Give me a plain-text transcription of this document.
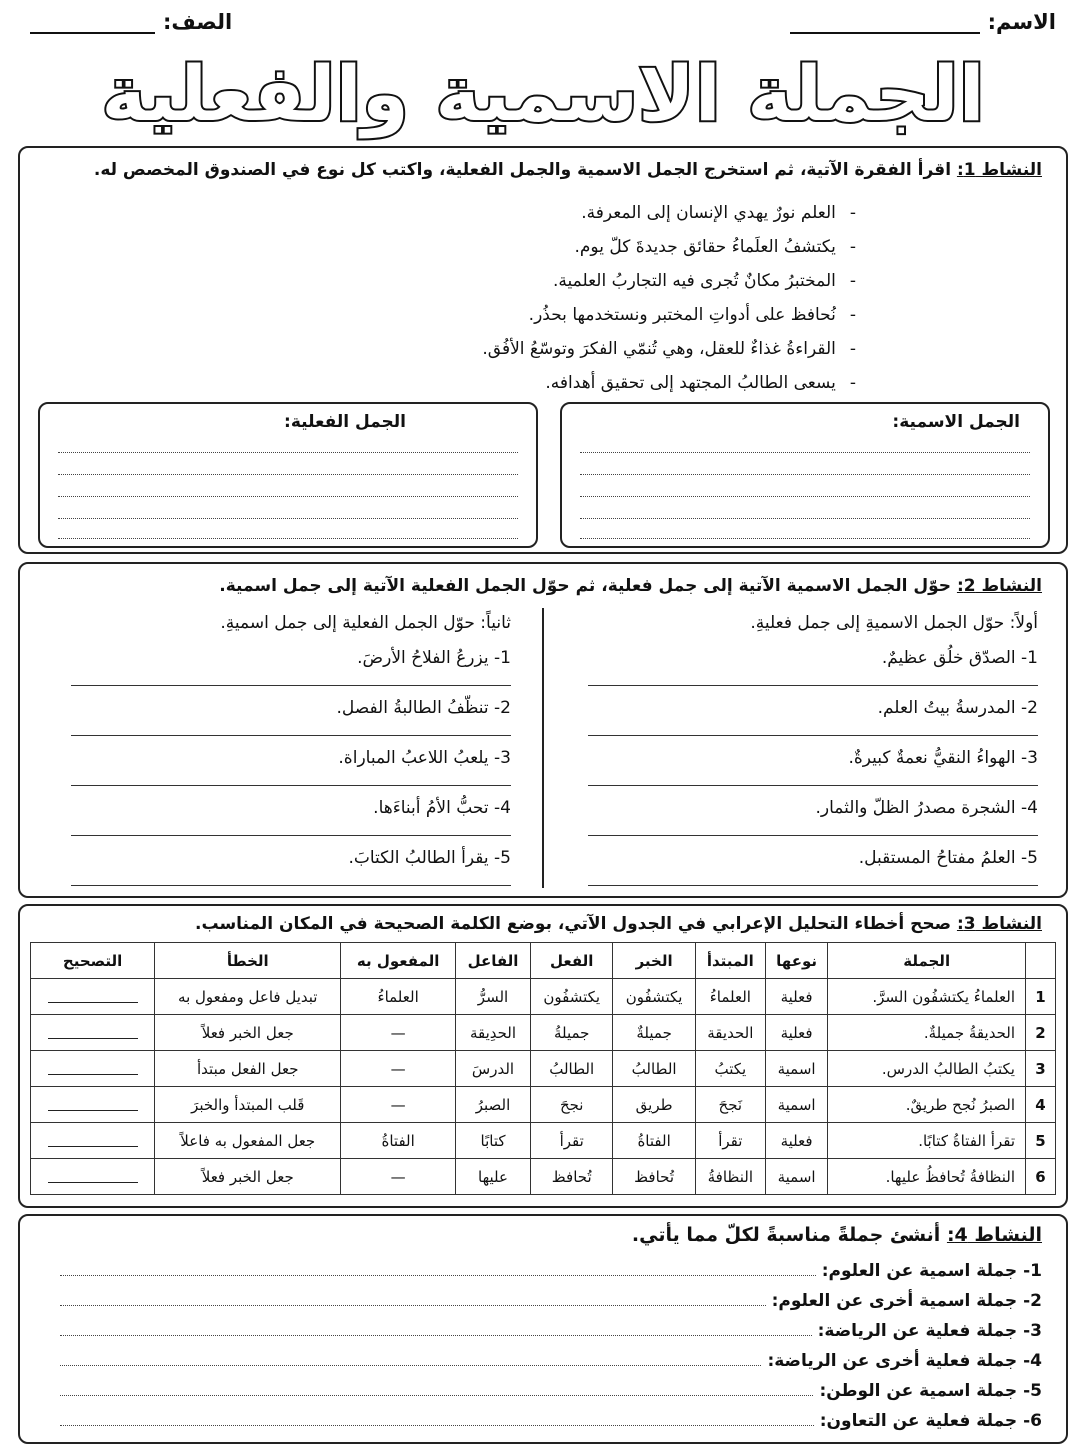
الاسم:
الصف:
الجملة الاسمية والفعلية
النشاط 1: اقرأ الفقرة الآتية، ثم استخرج الجمل الاسمية والجمل الفعلية، واكتب كل نوع في الصندوق المخصص له.
- العلم نورٌ يهدي الإنسان إلى المعرفة.
- يكتشفُ العلَماءُ حقائق جديدةَ كلّ يوم.
- المختبرُ مكانٌ تُجرى فيه التجاربُ العلمية.
- نُحافظ على أدواتِ المختبر ونستخدمها بحذُر.
- القراءةُ غذاءٌ للعقل، وهي تُنمّي الفكرَ وتوسّعُ الأفُق.
- يسعى الطالبُ المجتهد إلى تحقيق أهدافه.
الجمل الاسمية:
الجمل الفعلية:
النشاط 2: حوّل الجمل الاسمية الآتية إلى جمل فعلية، ثم حوّل الجمل الفعلية الآتية إلى جمل اسمية.
أولاً: حوّل الجمل الاسميةِ إلى جمل فعليةِ.
1- الصدّق خلُق عظيمٌ.
2- المدرسةُ بيتُ العلم.
3- الهواءُ النقيُّ نعمةٌ كبيرةٌ.
4- الشجرة مصدرُ الظلّ والثمار.
5- العلمُ مفتاحُ المستقبل.
ثانياً: حوّل الجمل الفعلية إلى جمل اسميةِ.
1- يزرعُ الفلاحُ الأرضَ.
2- تنظّفُ الطالبةُ الفصل.
3- يلعبُ اللاعبُ المباراة.
4- تحبُّ الأمُ أبناءَها.
5- يقرأ الطالبُ الكتابَ.
النشاط 3: صحح أخطاء التحليل الإعرابي في الجدول الآتي، بوضع الكلمة الصحيحة في المكان المناسب.
	الجملة	نوعها	المبتدأ	الخبر	الفعل	الفاعل	المفعول به	الخطأ	التصحيح
1	العلماءُ يكتشفُون السرَّ.	فعلية	العلماءُ	يكتشفُون	يكتشفُون	السرُّ	العلماءُ	تبديل فاعل ومفعول به	
2	الحديقةُ جميلةٌ.	فعلية	الحديقة	جميلةٌ	جميلةُ	الحدِيقة	—	جعل الخبر فعلاً	
3	يكتبُ الطالبُ الدرس.	اسمية	يكتبُ	الطالبُ	الطالبُ	الدرسَ	—	جعل الفعل مبتدأ	
4	الصبرُ نُجح طريقٌ.	اسمية	نَجحَ	طريق	نجحَ	الصبرُ	—	قَلب المبتدأ والخبرَ	
5	تقرأ الفتاةُ كتابًا.	فعلية	تقرأ	الفتاةُ	تقرأ	كتابًا	الفتاةُ	جعل المفعول به فاعلاً	
6	النظافةُ تُحافظُ عليها.	اسمية	النظافةُ	تُحافظ	تُحافظ	عليها	—	جعل الخبر فعلاً	
النشاط 4: أنشئ جملةً مناسبةً لكلّ مما يأتي.
1- جملة اسمية عن العلوم:
2- جملة اسمية أخرى عن العلوم:
3- جملة فعلية عن الرياضة:
4- جملة فعلية أخرى عن الرياضة:
5- جملة اسمية عن الوطن:
6- جملة فعلية عن التعاون:
